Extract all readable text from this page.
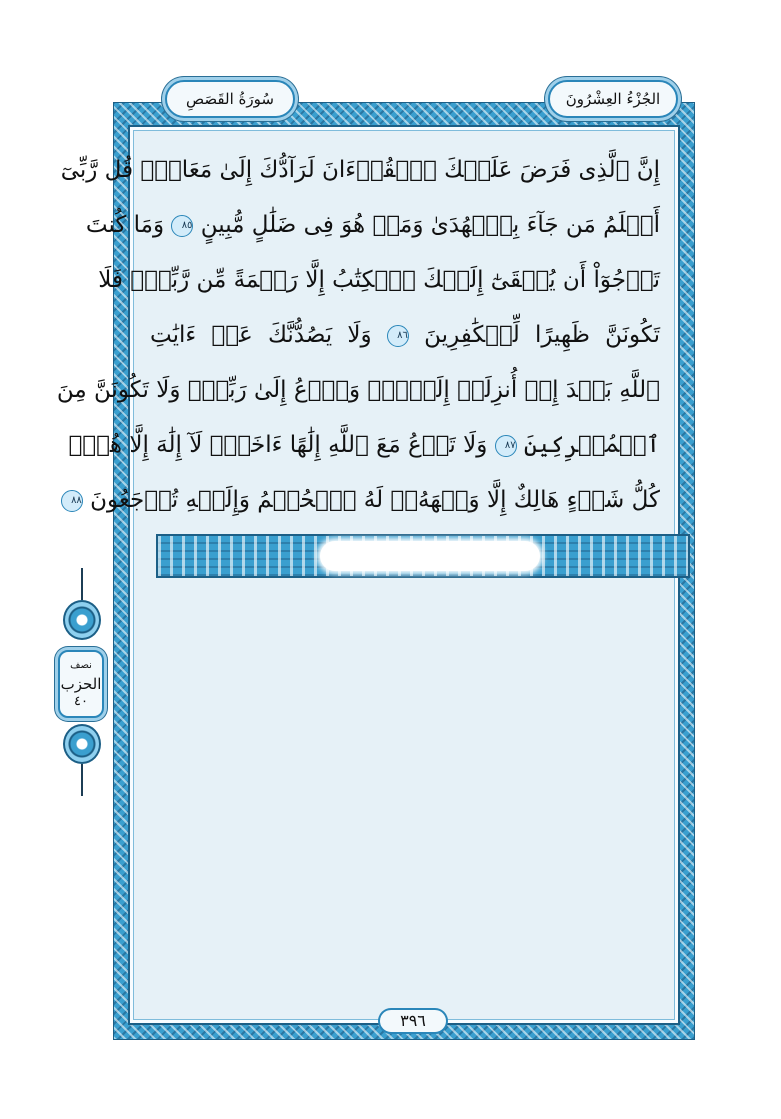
الجُزْءُ العِشْرُونَ
سُورَةُ القَصَصِ
إِنَّ ٱلَّذِى فَرَضَ عَلَيۡكَ ٱلۡقُرۡءَانَ لَرَآدُّكَ إِلَىٰ مَعَادٍۚ قُل رَّبِّىٓ
أَعۡلَمُ مَن جَآءَ بِٱلۡهُدَىٰ وَمَنۡ هُوَ فِى ضَلَٰلٍ مُّبِينٍ ٨٥ وَمَا كُنتَ
تَرۡجُوٓاْ أَن يُلۡقَىٰٓ إِلَيۡكَ ٱلۡكِتَٰبُ إِلَّا رَحۡمَةً مِّن رَّبِّكَۖ فَلَا
تَكُونَنَّ ظَهِيرًا لِّلۡكَٰفِرِينَ ٨٦ وَلَا يَصُدُّنَّكَ عَنۡ ءَايَٰتِ
ٱللَّهِ بَعۡدَ إِذۡ أُنزِلَتۡ إِلَيۡكَۖ وَٱدۡعُ إِلَىٰ رَبِّكَۖ وَلَا تَكُونَنَّ مِنَ
ٱلۡمُشۡرِكِينَ ٨٧ وَلَا تَدۡعُ مَعَ ٱللَّهِ إِلَٰهًا ءَاخَرَۘ لَآ إِلَٰهَ إِلَّا هُوَۚ
كُلُّ شَىۡءٍ هَالِكٌ إِلَّا وَجۡهَهُۥۚ لَهُ ٱلۡحُكۡمُ وَإِلَيۡهِ تُرۡجَعُونَ ٨٨
نصف
الحزب
٤٠
٣٩٦
